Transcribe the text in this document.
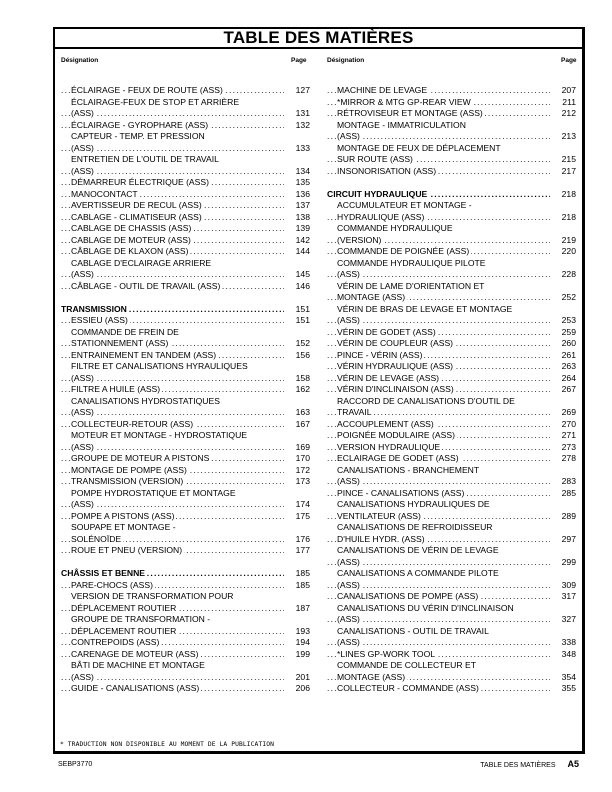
TABLE DES MATIÈRES
Désignation	Page	Désignation	Page
ÉCLAIRAGE - FEUX DE ROUTE (ASS) . . .	127
ÉCLAIRAGE-FEUX DE STOP ET ARRIÈRE
(ASS) . . .	131
ÉCLAIRAGE - GYROPHARE (ASS) . . .	132
CAPTEUR - TEMP. ET PRESSION
(ASS) . . .	133
ENTRETIEN DE L'OUTIL DE TRAVAIL
(ASS) . . .	134
DÉMARREUR ÉLECTRIQUE (ASS) . . .	135
MANOCONTACT . . .	136
AVERTISSEUR DE RECUL (ASS) . . .	137
CABLAGE - CLIMATISEUR (ASS) . . .	138
CABLAGE DE CHASSIS (ASS) . . .	139
CABLAGE DE MOTEUR (ASS) . . .	142
CÂBLAGE DE KLAXON (ASS) . . .	144
CABLAGE D'ECLAIRAGE ARRIERE
(ASS) . . .	145
CÂBLAGE - OUTIL DE TRAVAIL (ASS) . . .	146
TRANSMISSION . . .	151
ESSIEU (ASS) . . .	151
COMMANDE DE FREIN DE
STATIONNEMENT (ASS) . . .	152
ENTRAINEMENT EN TANDEM (ASS) . . .	156
FILTRE ET CANALISATIONS HYRAULIQUES
(ASS) . . .	158
FILTRE A HUILE (ASS) . . .	162
CANALISATIONS HYDROSTATIQUES
(ASS) . . .	163
COLLECTEUR-RETOUR (ASS) . . .	167
MOTEUR ET MONTAGE - HYDROSTATIQUE
(ASS) . . .	169
GROUPE DE MOTEUR A PISTONS . . .	170
MONTAGE DE POMPE (ASS) . . .	172
TRANSMISSION (VERSION) . . .	173
POMPE HYDROSTATIQUE ET MONTAGE
(ASS) . . .	174
POMPE A PISTONS (ASS) . . .	175
SOUPAPE ET MONTAGE -
SOLÉNOÏDE . . .	176
ROUE ET PNEU (VERSION) . . .	177
CHÂSSIS ET BENNE . . .	185
PARE-CHOCS (ASS) . . .	185
VERSION DE TRANSFORMATION POUR
DÉPLACEMENT ROUTIER . . .	187
GROUPE DE TRANSFORMATION -
DÉPLACEMENT ROUTIER . . .	193
CONTREPOIDS (ASS) . . .	194
CARENAGE DE MOTEUR (ASS) . . .	199
BÂTI DE MACHINE ET MONTAGE
(ASS) . . .	201
GUIDE - CANALISATIONS (ASS) . . .	206
MACHINE DE LEVAGE . . .	207
*MIRROR & MTG GP-REAR VIEW . . .	211
RÉTROVISEUR ET MONTAGE (ASS) . . .	212
MONTAGE - IMMATRICULATION
(ASS) . . .	213
MONTAGE DE FEUX DE DÉPLACEMENT
SUR ROUTE (ASS) . . .	215
INSONORISATION (ASS) . . .	217
CIRCUIT HYDRAULIQUE . . .	218
ACCUMULATEUR ET MONTAGE -
HYDRAULIQUE (ASS) . . .	218
COMMANDE HYDRAULIQUE
(VERSION) . . .	219
COMMANDE DE POIGNÉE (ASS) . . .	220
COMMANDE HYDRAULIQUE PILOTE
(ASS) . . .	228
VÉRIN DE LAME D'ORIENTATION ET
MONTAGE (ASS) . . .	252
VÉRIN DE BRAS DE LEVAGE ET MONTAGE
(ASS) . . .	253
VÉRIN DE GODET (ASS) . . .	259
VÉRIN DE COUPLEUR (ASS) . . .	260
PINCE - VÉRIN (ASS) . . .	261
VÉRIN HYDRAULIQUE (ASS) . . .	263
VÉRIN DE LEVAGE (ASS) . . .	264
VÉRIN D'INCLINAISON (ASS) . . .	267
RACCORD DE CANALISATIONS D'OUTIL DE
TRAVAIL . . .	269
ACCOUPLEMENT (ASS) . . .	270
POIGNÉE MODULAIRE (ASS) . . .	271
VERSION HYDRAULIQUE . . .	273
ECLAIRAGE DE GODET (ASS) . . .	278
CANALISATIONS - BRANCHEMENT
(ASS) . . .	283
PINCE - CANALISATIONS (ASS) . . .	285
CANALISATIONS HYDRAULIQUES DE
VENTILATEUR (ASS) . . .	289
CANALISATIONS DE REFROIDISSEUR
D'HUILE HYDR. (ASS) . . .	297
CANALISATIONS DE VÉRIN DE LEVAGE
(ASS) . . .	299
CANALISATIONS A COMMANDE PILOTE
(ASS) . . .	309
CANALISATIONS DE POMPE (ASS) . . .	317
CANALISATIONS DU VÉRIN D'INCLINAISON
(ASS) . . .	327
CANALISATIONS - OUTIL DE TRAVAIL
(ASS) . . .	338
*LINES GP-WORK TOOL . . .	348
COMMANDE DE COLLECTEUR ET
MONTAGE (ASS) . . .	354
COLLECTEUR - COMMANDE (ASS) . . .	355
* TRADUCTION NON DISPONIBLE AU MOMENT DE LA PUBLICATION
SEBP3770	TABLE DES MATIÈRES A5
